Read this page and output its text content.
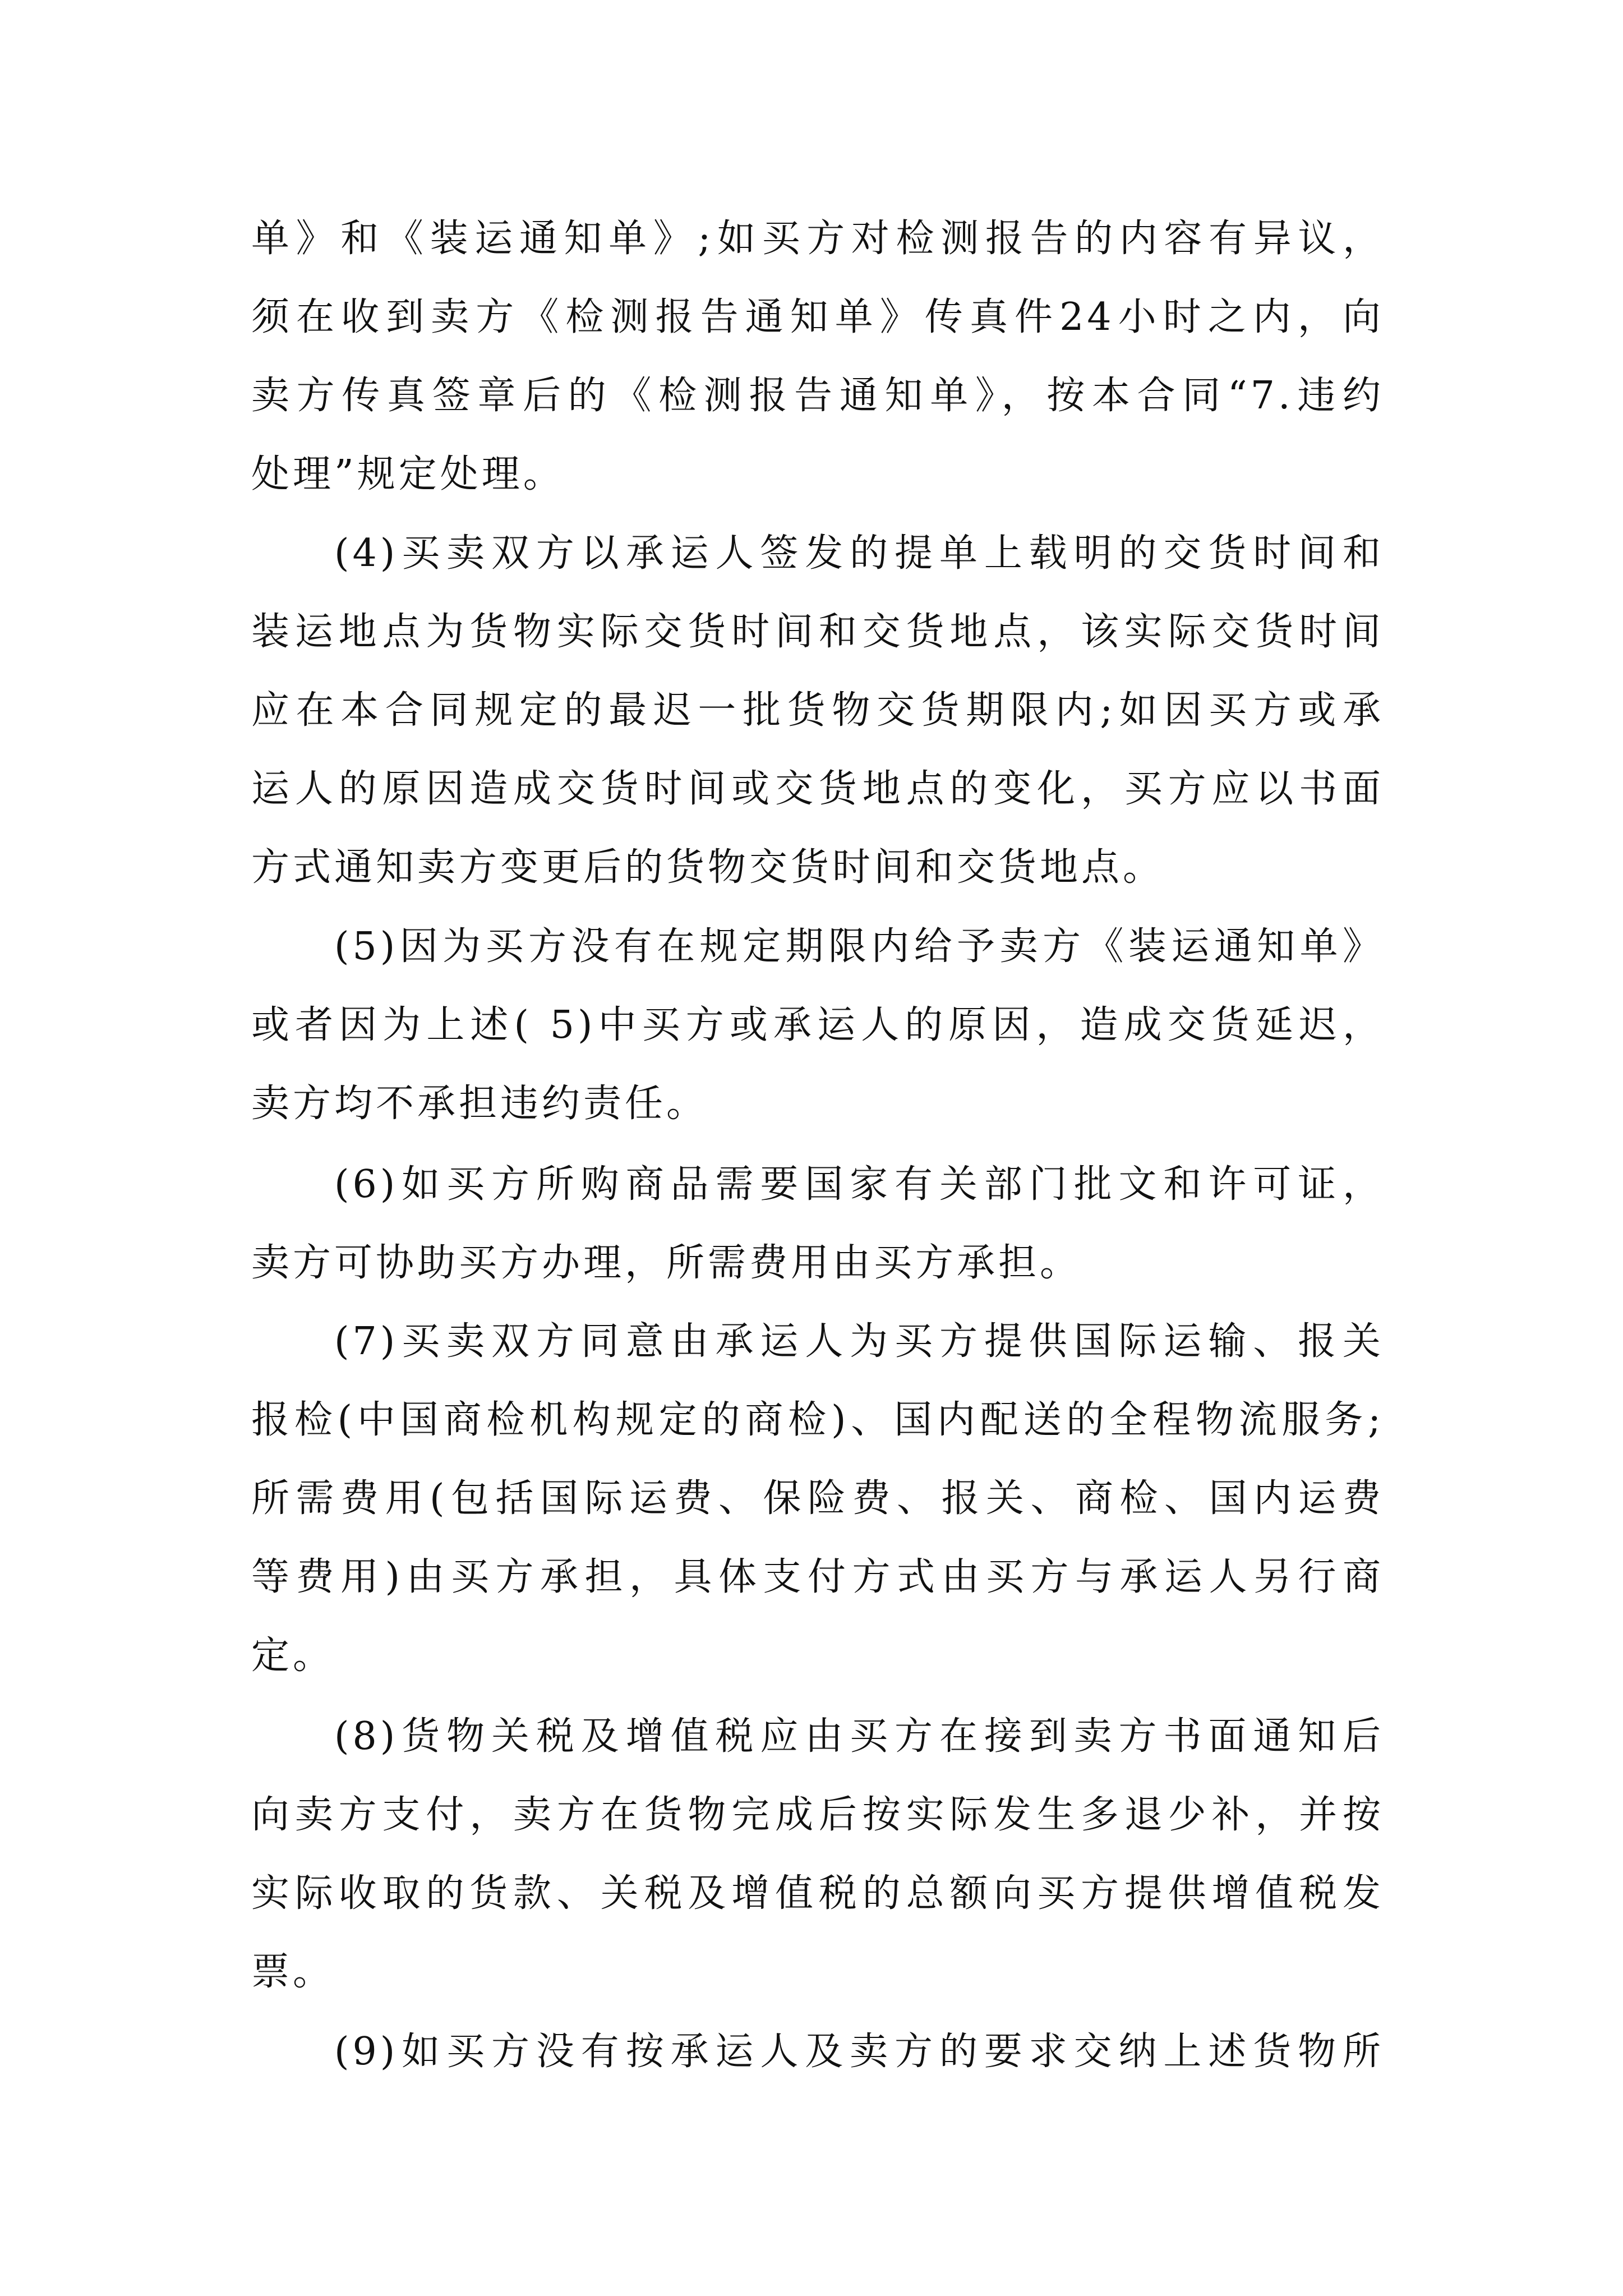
单》和《装运通知单》;如买方对检测报告的内容有异议，
须在收到卖方《检测报告通知单》传真件24小时之内，向
卖方传真签章后的《检测报告通知单》，按本合同“7.违约
处理”规定处理。
(4)买卖双方以承运人签发的提单上载明的交货时间和
装运地点为货物实际交货时间和交货地点，该实际交货时间
应在本合同规定的最迟一批货物交货期限内;如因买方或承
运人的原因造成交货时间或交货地点的变化，买方应以书面
方式通知卖方变更后的货物交货时间和交货地点。
(5)因为买方没有在规定期限内给予卖方《装运通知单》
或者因为上述( 5)中买方或承运人的原因，造成交货延迟，
卖方均不承担违约责任。
(6)如买方所购商品需要国家有关部门批文和许可证，
卖方可协助买方办理，所需费用由买方承担。
(7)买卖双方同意由承运人为买方提供国际运输、报关
报检(中国商检机构规定的商检)、国内配送的全程物流服务;
所需费用(包括国际运费、保险费、报关、商检、国内运费
等费用)由买方承担，具体支付方式由买方与承运人另行商
定。
(8)货物关税及增值税应由买方在接到卖方书面通知后
向卖方支付，卖方在货物完成后按实际发生多退少补，并按
实际收取的货款、关税及增值税的总额向买方提供增值税发
票。
(9)如买方没有按承运人及卖方的要求交纳上述货物所
